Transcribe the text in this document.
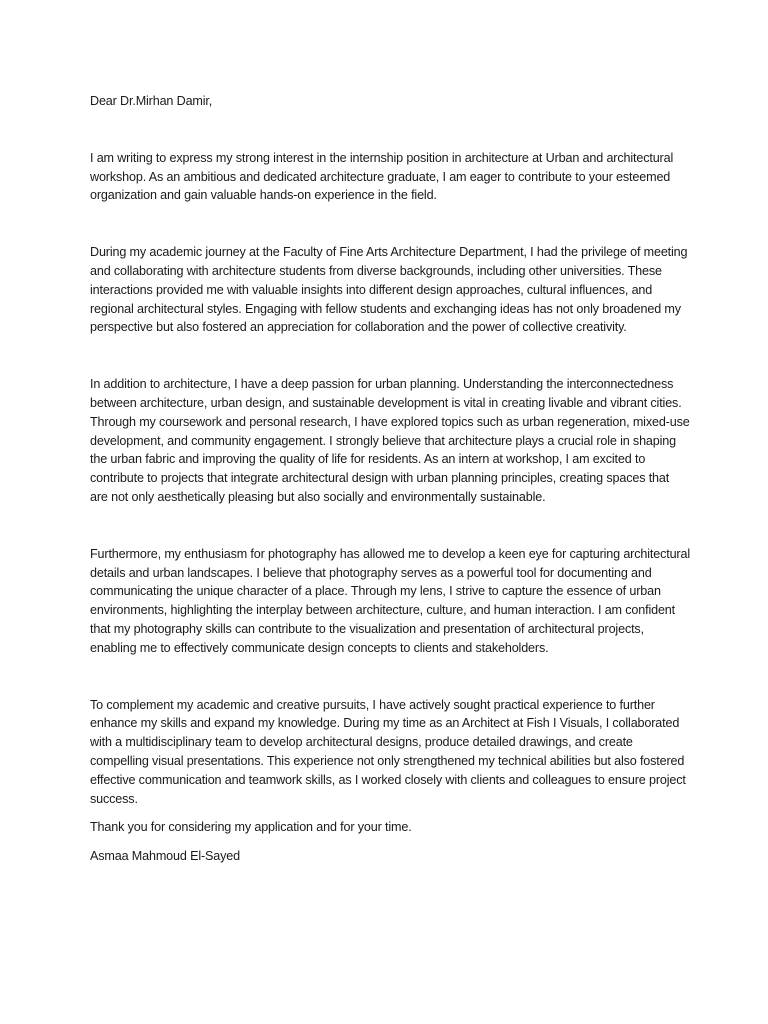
Dear Dr.Mirhan Damir,

I am writing to express my strong interest in the internship position in architecture at Urban and architectural workshop. As an ambitious and dedicated architecture graduate, I am eager to contribute to your esteemed organization and gain valuable hands-on experience in the field.

During my academic journey at the Faculty of Fine Arts Architecture Department, I had the privilege of meeting and collaborating with architecture students from diverse backgrounds, including other universities. These interactions provided me with valuable insights into different design approaches, cultural influences, and regional architectural styles. Engaging with fellow students and exchanging ideas has not only broadened my perspective but also fostered an appreciation for collaboration and the power of collective creativity.

In addition to architecture, I have a deep passion for urban planning. Understanding the interconnectedness between architecture, urban design, and sustainable development is vital in creating livable and vibrant cities. Through my coursework and personal research, I have explored topics such as urban regeneration, mixed-use development, and community engagement. I strongly believe that architecture plays a crucial role in shaping the urban fabric and improving the quality of life for residents. As an intern at workshop, I am excited to contribute to projects that integrate architectural design with urban planning principles, creating spaces that are not only aesthetically pleasing but also socially and environmentally sustainable.

Furthermore, my enthusiasm for photography has allowed me to develop a keen eye for capturing architectural details and urban landscapes. I believe that photography serves as a powerful tool for documenting and communicating the unique character of a place. Through my lens, I strive to capture the essence of urban environments, highlighting the interplay between architecture, culture, and human interaction. I am confident that my photography skills can contribute to the visualization and presentation of architectural projects, enabling me to effectively communicate design concepts to clients and stakeholders.

To complement my academic and creative pursuits, I have actively sought practical experience to further enhance my skills and expand my knowledge. During my time as an Architect at Fish I Visuals, I collaborated with a multidisciplinary team to develop architectural designs, produce detailed drawings, and create compelling visual presentations. This experience not only strengthened my technical abilities but also fostered effective communication and teamwork skills, as I worked closely with clients and colleagues to ensure project success.

Thank you for considering my application and for your time.

Asmaa Mahmoud El-Sayed
